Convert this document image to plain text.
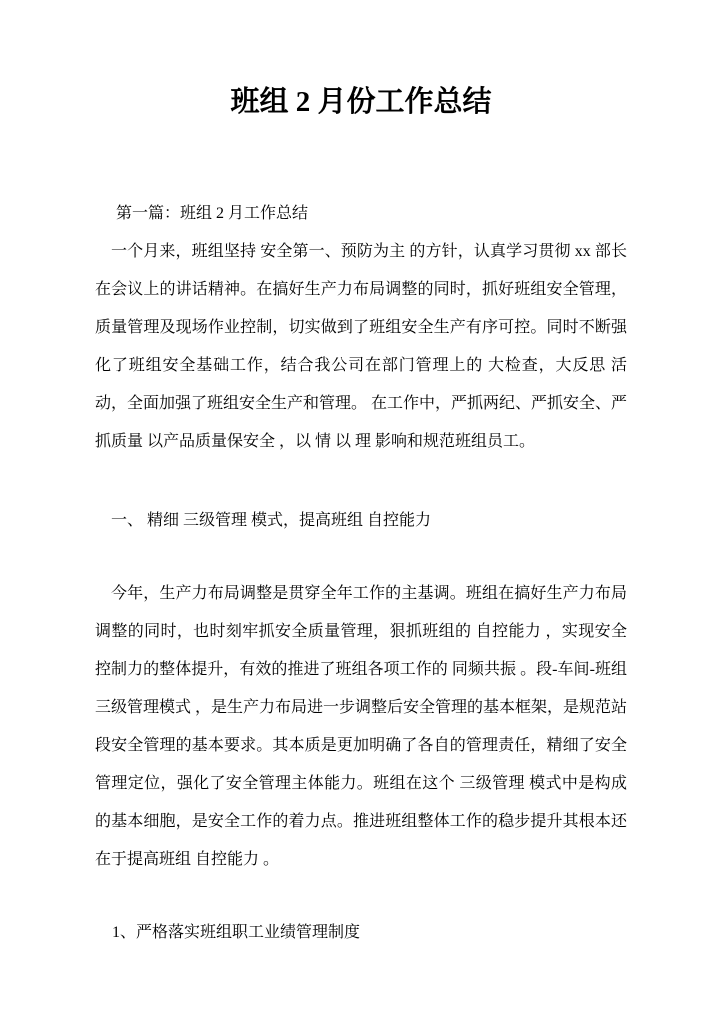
班组 2 月份工作总结

第一篇：班组 2 月工作总结

一个月来，班组坚持 安全第一、预防为主 的方针，认真学习贯彻 xx 部长在会议上的讲话精神。在搞好生产力布局调整的同时，抓好班组安全管理，质量管理及现场作业控制，切实做到了班组安全生产有序可控。同时不断强化了班组安全基础工作，结合我公司在部门管理上的 大检查，大反思 活动，全面加强了班组安全生产和管理。 在工作中，严抓两纪、严抓安全、严抓质量 以产品质量保安全 ，以 情 以 理 影响和规范班组员工。

一、 精细 三级管理 模式，提高班组 自控能力

今年，生产力布局调整是贯穿全年工作的主基调。班组在搞好生产力布局调整的同时，也时刻牢抓安全质量管理，狠抓班组的 自控能力 ，实现安全控制力的整体提升，有效的推进了班组各项工作的 同频共振 。段-车间-班组 三级管理模式 ，是生产力布局进一步调整后安全管理的基本框架，是规范站段安全管理的基本要求。其本质是更加明确了各自的管理责任，精细了安全管理定位，强化了安全管理主体能力。班组在这个 三级管理 模式中是构成的基本细胞，是安全工作的着力点。推进班组整体工作的稳步提升其根本还在于提高班组 自控能力 。

1、严格落实班组职工业绩管理制度
